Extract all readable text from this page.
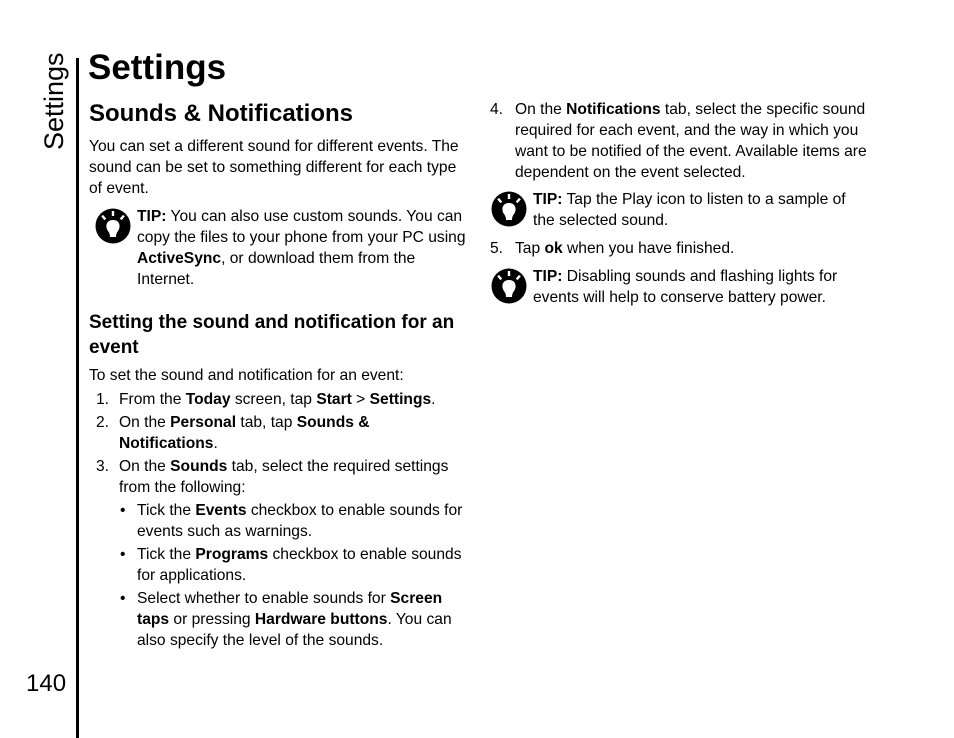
Settings
140
Settings
Sounds & Notifications

You can set a different sound for different events. The sound can be set to something different for each type of event.

TIP: You can also use custom sounds. You can copy the files to your phone from your PC using ActiveSync, or download them from the Internet.

Setting the sound and notification for an event

To set the sound and notification for an event:

1. From the Today screen, tap Start > Settings.
2. On the Personal tab, tap Sounds & Notifications.
3. On the Sounds tab, select the required settings from the following:
• Tick the Events checkbox to enable sounds for events such as warnings.
• Tick the Programs checkbox to enable sounds for applications.
• Select whether to enable sounds for Screen taps or pressing Hardware buttons. You can also specify the level of the sounds.
4. On the Notifications tab, select the specific sound required for each event, and the way in which you want to be notified of the event. Available items are dependent on the event selected.

TIP: Tap the Play icon to listen to a sample of the selected sound.

5. Tap ok when you have finished.

TIP: Disabling sounds and flashing lights for events will help to conserve battery power.
